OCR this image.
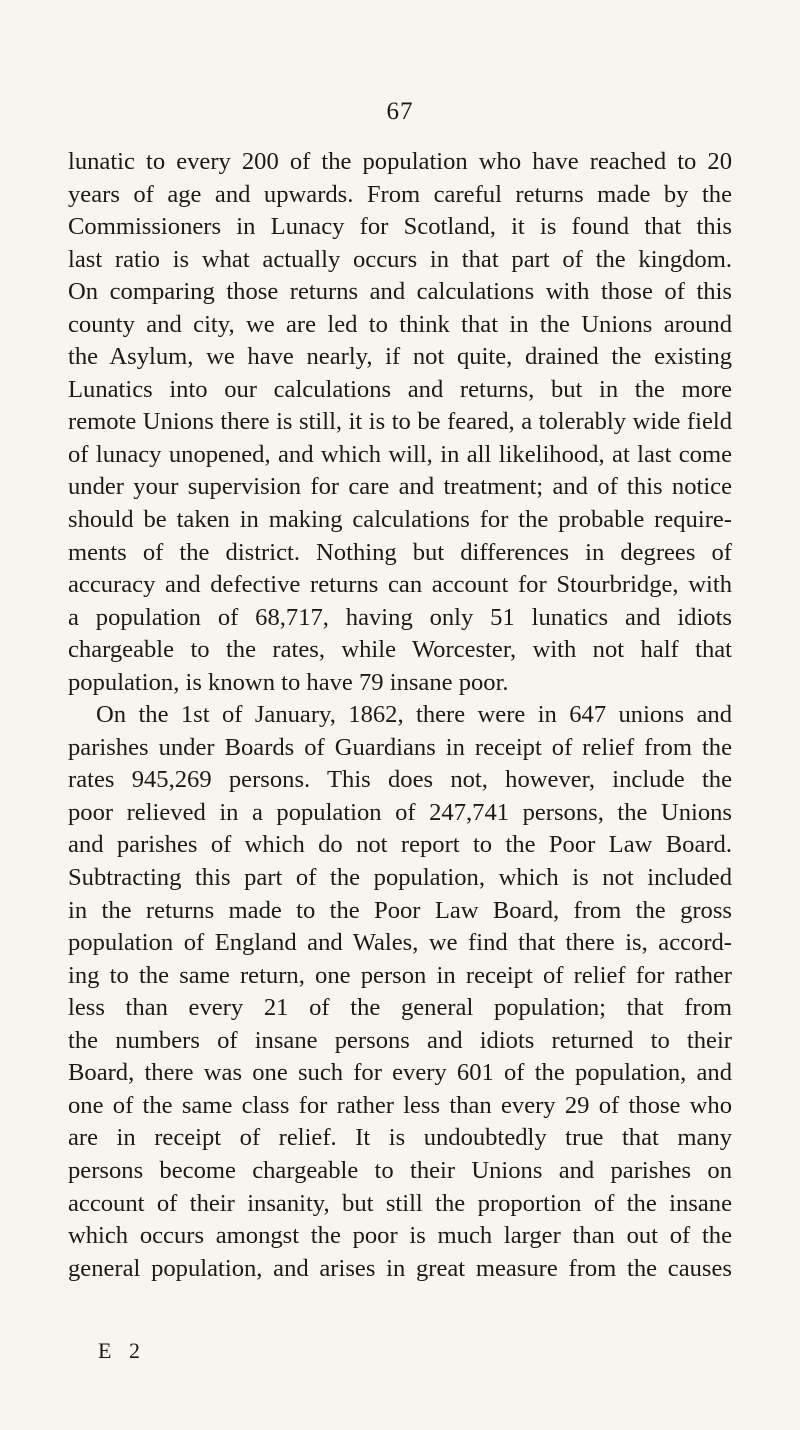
67
lunatic to every 200 of the population who have reached to 20
years of age and upwards. From careful returns made by the
Commissioners in Lunacy for Scotland, it is found that this
last ratio is what actually occurs in that part of the kingdom.
On comparing those returns and calculations with those of this
county and city, we are led to think that in the Unions around
the Asylum, we have nearly, if not quite, drained the existing
Lunatics into our calculations and returns, but in the more
remote Unions there is still, it is to be feared, a tolerably wide field
of lunacy unopened, and which will, in all likelihood, at last come
under your supervision for care and treatment; and of this notice
should be taken in making calculations for the probable require-
ments of the district. Nothing but differences in degrees of
accuracy and defective returns can account for Stourbridge, with
a population of 68,717, having only 51 lunatics and idiots
chargeable to the rates, while Worcester, with not half that
population, is known to have 79 insane poor.
On the 1st of January, 1862, there were in 647 unions and
parishes under Boards of Guardians in receipt of relief from the
rates 945,269 persons. This does not, however, include the
poor relieved in a population of 247,741 persons, the Unions
and parishes of which do not report to the Poor Law Board.
Subtracting this part of the population, which is not included
in the returns made to the Poor Law Board, from the gross
population of England and Wales, we find that there is, accord-
ing to the same return, one person in receipt of relief for rather
less than every 21 of the general population; that from
the numbers of insane persons and idiots returned to their
Board, there was one such for every 601 of the population, and
one of the same class for rather less than every 29 of those who
are in receipt of relief. It is undoubtedly true that many
persons become chargeable to their Unions and parishes on
account of their insanity, but still the proportion of the insane
which occurs amongst the poor is much larger than out of the
general population, and arises in great measure from the causes
E 2
